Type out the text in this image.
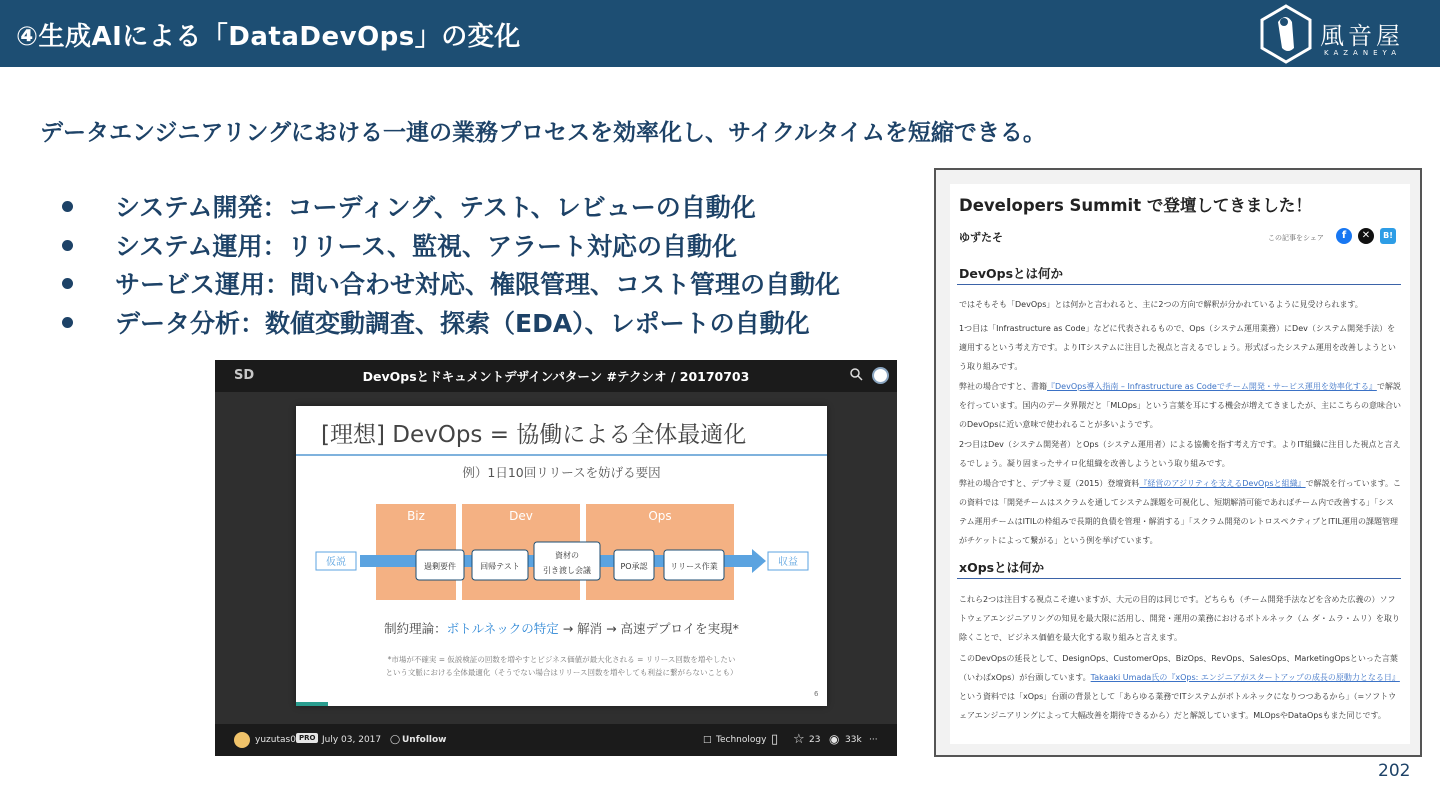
④生成AIによる「DataDevOps」の変化	風音屋
KAZANEYA
データエンジニアリングにおける一連の業務プロセスを効率化し、サイクルタイムを短縮できる。
システム開発：コーディング、テスト、レビューの自動化
システム運用：リリース、監視、アラート対応の自動化
サービス運用：問い合わせ対応、権限管理、コスト管理の自動化
データ分析：数値変動調査、探索（EDA）、レポートの自動化
SD	DevOpsとドキュメントデザインパターン #テクシオ / 20170703
[理想] DevOps = 協働による全体最適化
例）1日10回リリースを妨げる要因
Biz	Dev	Ops
仮説	収益
過剰要件	回帰テスト
資材の
引き渡し会議	PO承認	リリース作業
制約理論：ボトルネックの特定 → 解消 → 高速デプロイを実現*
*市場が不確実 = 仮説検証の回数を増やすとビジネス価値が最大化される = リリース回数を増やしたい
という文脈における全体最適化（そうでない場合はリリース回数を増やしても利益に繋がらないことも）
6
yuzutas0 PRO July 03, 2017 ◯ Unfollow	□ Technology ▯ ☆ 23 ◉ 33k ···
Developers Summit で登壇してきました！
ゆずたそ	この記事をシェア	f	✕	B!
DevOpsとは何か
ではそもそも「DevOps」とは何かと言われると、主に2つの方向で解釈が分かれているように見受けられます。
1つ目は「Infrastructure as Code」などに代表されるもので、Ops（システム運用業務）にDev（システム開発手法）を適用するという考え方です。よりITシステムに注目した視点と言えるでしょう。形式ばったシステム運用を改善しようという取り組みです。
弊社の場合ですと、書籍『DevOps導入指南 – Infrastructure as Codeでチーム開発・サービス運用を効率化する』で解説を行っています。国内のデータ界隈だと「MLOps」という言葉を耳にする機会が増えてきましたが、主にこちらの意味合いのDevOpsに近い意味で使われることが多いようです。
2つ目はDev（システム開発者）とOps（システム運用者）による協働を指す考え方です。よりIT組織に注目した視点と言えるでしょう。凝り固まったサイロ化組織を改善しようという取り組みです。
弊社の場合ですと、デブサミ夏（2015）登壇資料『経営のアジリティを支えるDevOpsと組織』で解説を行っています。この資料では「開発チームはスクラムを通してシステム課題を可視化し、短期解消可能であればチーム内で改善する」「システム運用チームはITILの枠組みで長期的負債を管理・解消する」「スクラム開発のレトロスペクティブとITIL運用の課題管理がチケットによって繋がる」という例を挙げています。
xOpsとは何か
これら2つは注目する視点こそ違いますが、大元の目的は同じです。どちらも（チーム開発手法などを含めた広義の）ソフトウェアエンジニアリングの知見を最大限に活用し、開発・運用の業務におけるボトルネック（ム ダ・ムラ・ムリ）を取り除くことで、ビジネス価値を最大化する取り組みと言えます。
このDevOpsの延長として、DesignOps、CustomerOps、BizOps、RevOps、SalesOps、MarketingOpsといった言葉（いわばxOps）が台頭しています。Takaaki Umada氏の『xOps: エンジニアがスタートアップの成長の原動力となる日』という資料では「xOps」台頭の背景として「あらゆる業務でITシステムがボトルネックになりつつあるから」（=ソフトウェアエンジニアリングによって大幅改善を期待できるから）だと解説しています。MLOpsやDataOpsもまた同じです。
202
